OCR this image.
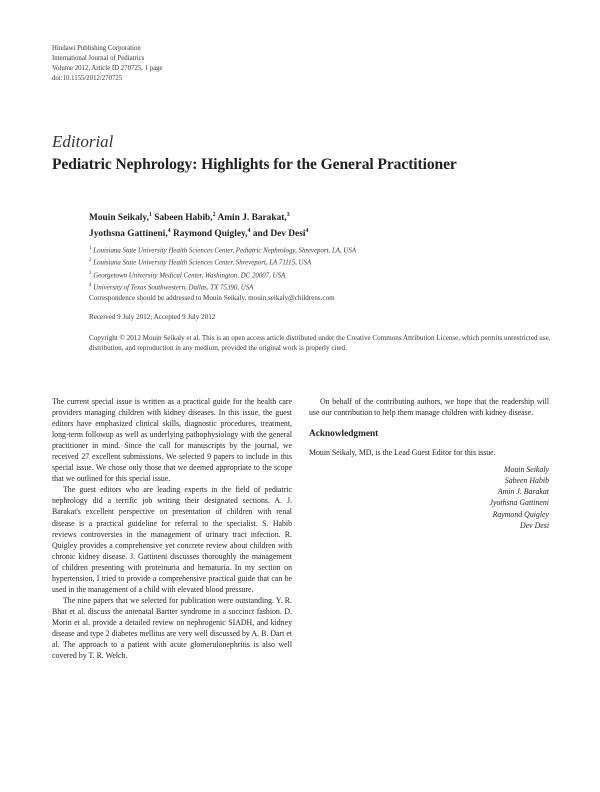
Hindawi Publishing Corporation
International Journal of Pediatrics
Volume 2012, Article ID 270725, 1 page
doi:10.1155/2012/270725
Editorial
Pediatric Nephrology: Highlights for the General Practitioner
Mouin Seikaly,$^1$ Sabeen Habib,$^2$ Amin J. Barakat,$^3$
Jyothsna Gattineni,$^4$ Raymond Quigley,$^4$ and Dev Desi$^4$
$^1$ Louisiana State University Health Sciences Center, Pediatric Nephrology, Shreveport, LA, USA
$^2$ Louisiana State University Health Sciences Center, Shreveport, LA 71115, USA
$^3$ Georgetown University Medical Center, Washington, DC 20007, USA
$^4$ University of Texas Southwestern, Dallas, TX 75390, USA
Correspondence should be addressed to Mouin Seikaly, mouin.seikaly@childrens.com
Received 9 July 2012; Accepted 9 July 2012
Copyright © 2012 Mouin Seikaly et al. This is an open access article distributed under the Creative Commons Attribution License, which permits unrestricted use, distribution, and reproduction in any medium, provided the original work is properly cited.

The current special issue is written as a practical guide for the health care providers managing children with kidney diseases. In this issue, the guest editors have emphasized clinical skills, diagnostic procedures, treatment, long-term followup as well as underlying pathophysiology with the general practitioner in mind. Since the call for manuscripts by the journal, we received 27 excellent submissions. We selected 9 papers to include in this special issue. We chose only those that we deemed appropriate to the scope that we outlined for this special issue.

The guest editors who are leading experts in the field of pediatric nephrology did a terrific job writing their designated sections. A. J. Barakat's excellent perspective on presentation of children with renal disease is a practical guideline for referral to the specialist. S. Habib reviews controversies in the management of urinary tract infection. R. Quigley provides a comprehensive yet concrete review about children with chronic kidney disease. J. Gattineni discusses thoroughly the management of children presenting with proteinuria and hematuria. In my section on hypertension, I tried to provide a comprehensive practical guide that can be used in the management of a child with elevated blood pressure.

The nine papers that we selected for publication were outstanding. Y. R. Bhat et al. discuss the antenatal Bartter syndrome in a succinct fashion. D. Morin et al. provide a detailed review on nephrogenic SIADH, and kidney disease and type 2 diabetes mellitus are very well discussed by A. B. Dart et al. The approach to a patient with acute glomerulonephritis is also well covered by T. R. Welch.

On behalf of the contributing authors, we hope that the readership will use our contribution to help them manage children with kidney disease.

Acknowledgment

Mouin Seikaly, MD, is the Lead Guest Editor for this issue.

Mouin Seikaly
Sabeen Habib
Amin J. Barakat
Jyothsna Gattineni
Raymond Quigley
Dev Desi
